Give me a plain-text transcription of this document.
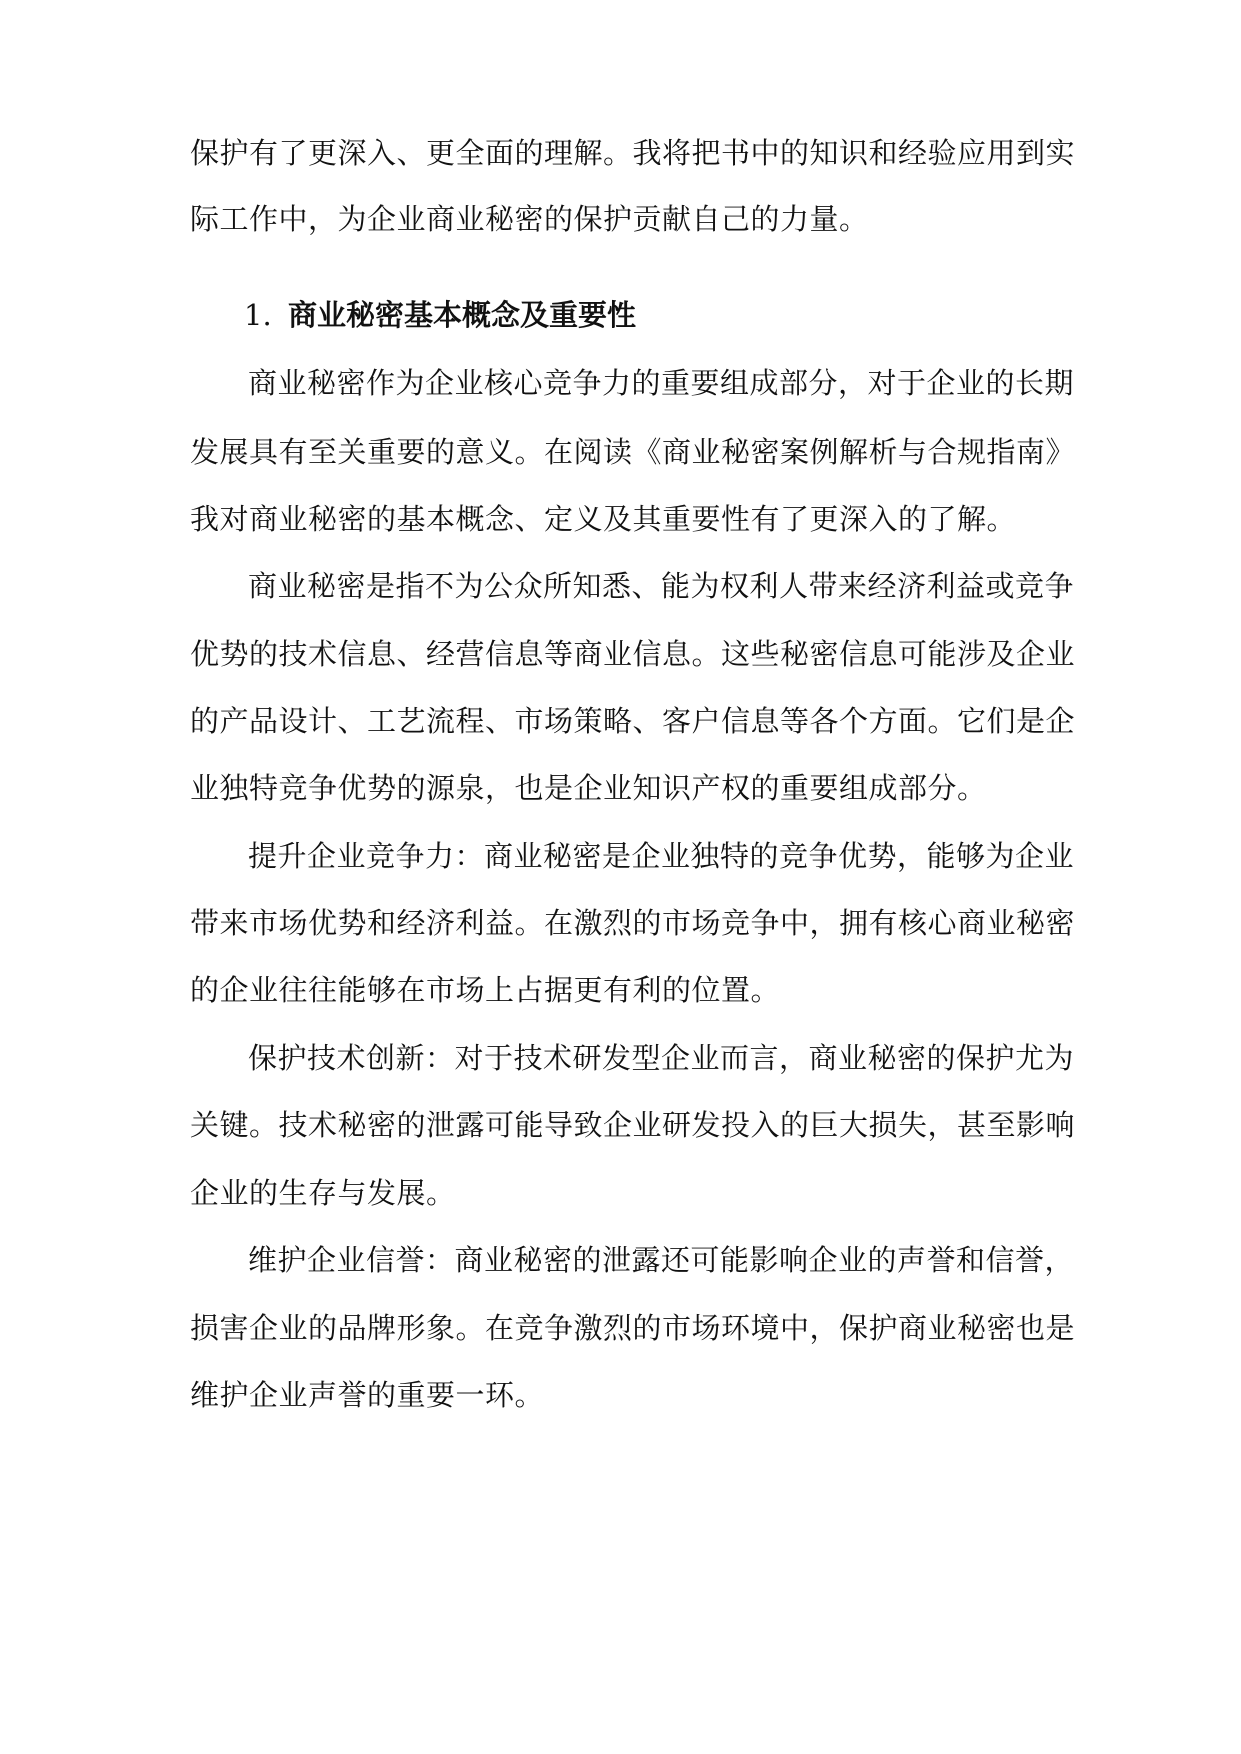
保护有了更深入、更全面的理解。我将把书中的知识和经验应用到实
际工作中，为企业商业秘密的保护贡献自己的力量。
1. 商业秘密基本概念及重要性
商业秘密作为企业核心竞争力的重要组成部分，对于企业的长期
发展具有至关重要的意义。在阅读《商业秘密案例解析与合规指南》
我对商业秘密的基本概念、定义及其重要性有了更深入的了解。
商业秘密是指不为公众所知悉、能为权利人带来经济利益或竞争
优势的技术信息、经营信息等商业信息。这些秘密信息可能涉及企业
的产品设计、工艺流程、市场策略、客户信息等各个方面。它们是企
业独特竞争优势的源泉，也是企业知识产权的重要组成部分。
提升企业竞争力：商业秘密是企业独特的竞争优势，能够为企业
带来市场优势和经济利益。在激烈的市场竞争中，拥有核心商业秘密
的企业往往能够在市场上占据更有利的位置。
保护技术创新：对于技术研发型企业而言，商业秘密的保护尤为
关键。技术秘密的泄露可能导致企业研发投入的巨大损失，甚至影响
企业的生存与发展。
维护企业信誉：商业秘密的泄露还可能影响企业的声誉和信誉，
损害企业的品牌形象。在竞争激烈的市场环境中，保护商业秘密也是
维护企业声誉的重要一环。
